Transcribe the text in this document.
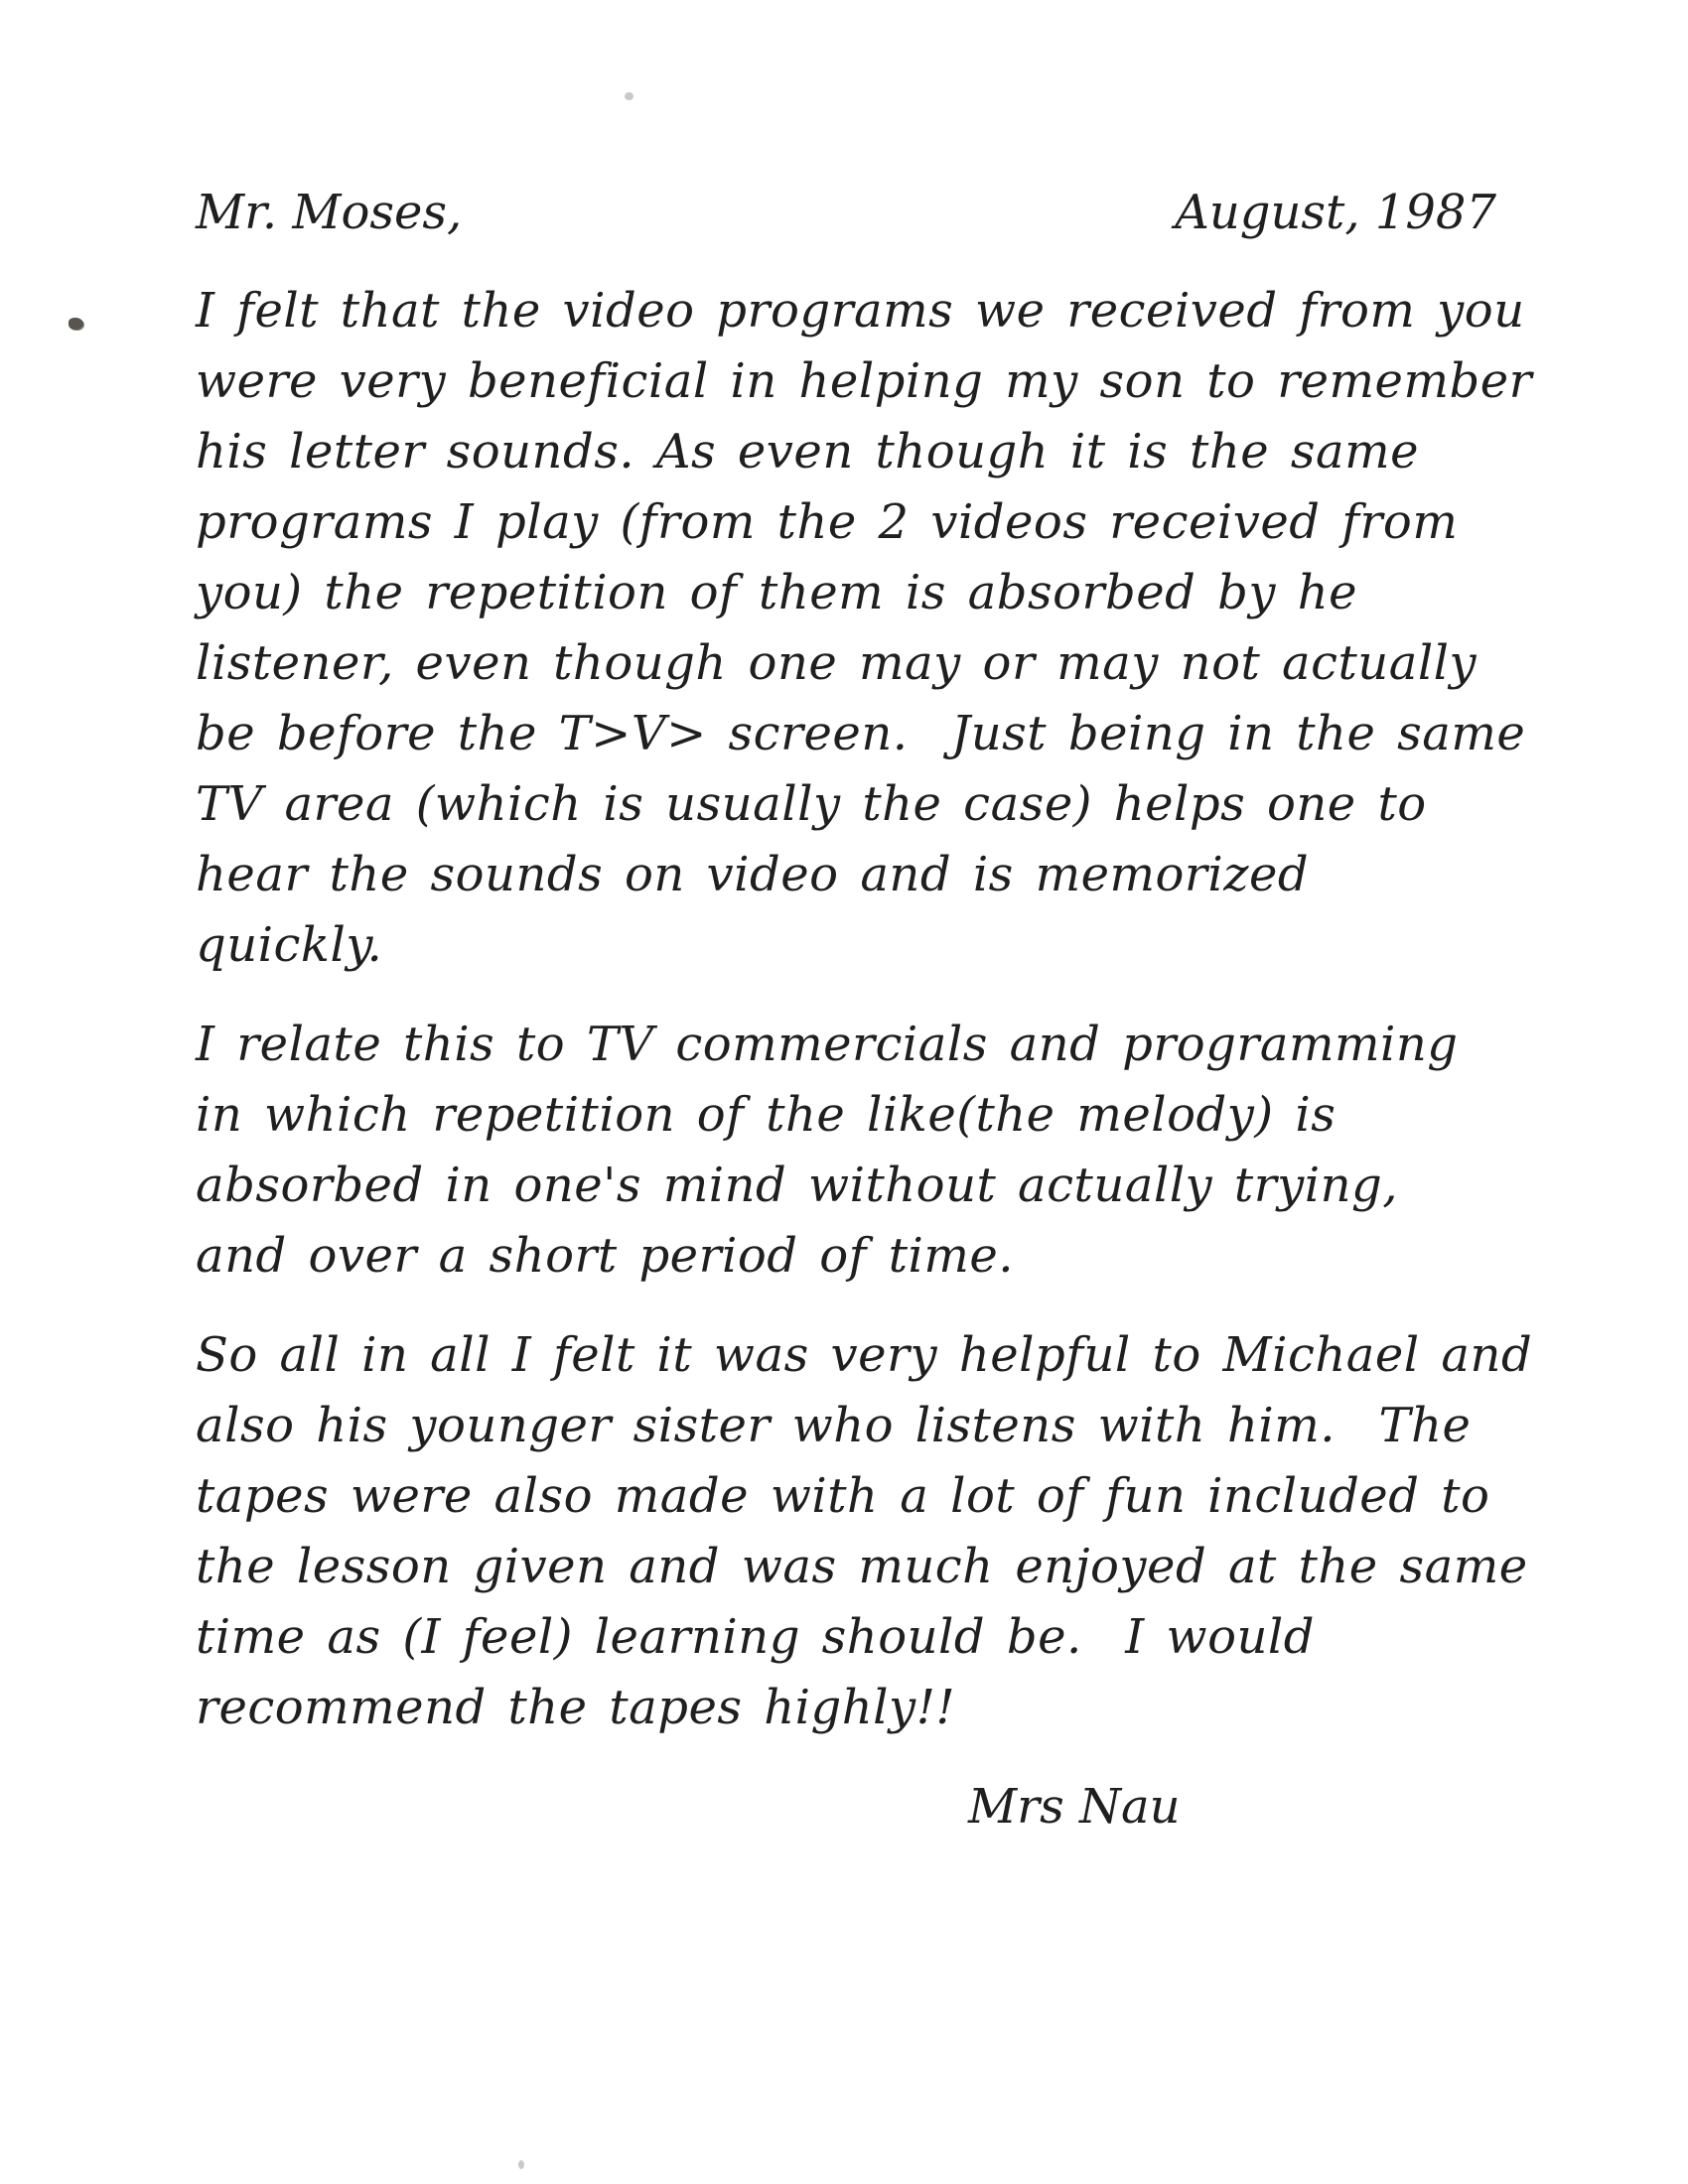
Mr. Moses,	August, 1987
I felt that the video programs we received from you
were very beneficial in helping my son to remember
his letter sounds. As even though it is the same
programs I play (from the 2 videos received from
you) the repetition of them is absorbed by he
listener, even though one may or may not actually
be before the T>V> screen.  Just being in the same
TV area (which is usually the case) helps one to
hear the sounds on video and is memorized
quickly.
I relate this to TV commercials and programming
in which repetition of the like(the melody) is
absorbed in one's mind without actually trying,
and over a short period of time.
So all in all I felt it was very helpful to Michael and
also his younger sister who listens with him.  The
tapes were also made with a lot of fun included to
the lesson given and was much enjoyed at the same
time as (I feel) learning should be.  I would
recommend the tapes highly!!
Mrs Nau
